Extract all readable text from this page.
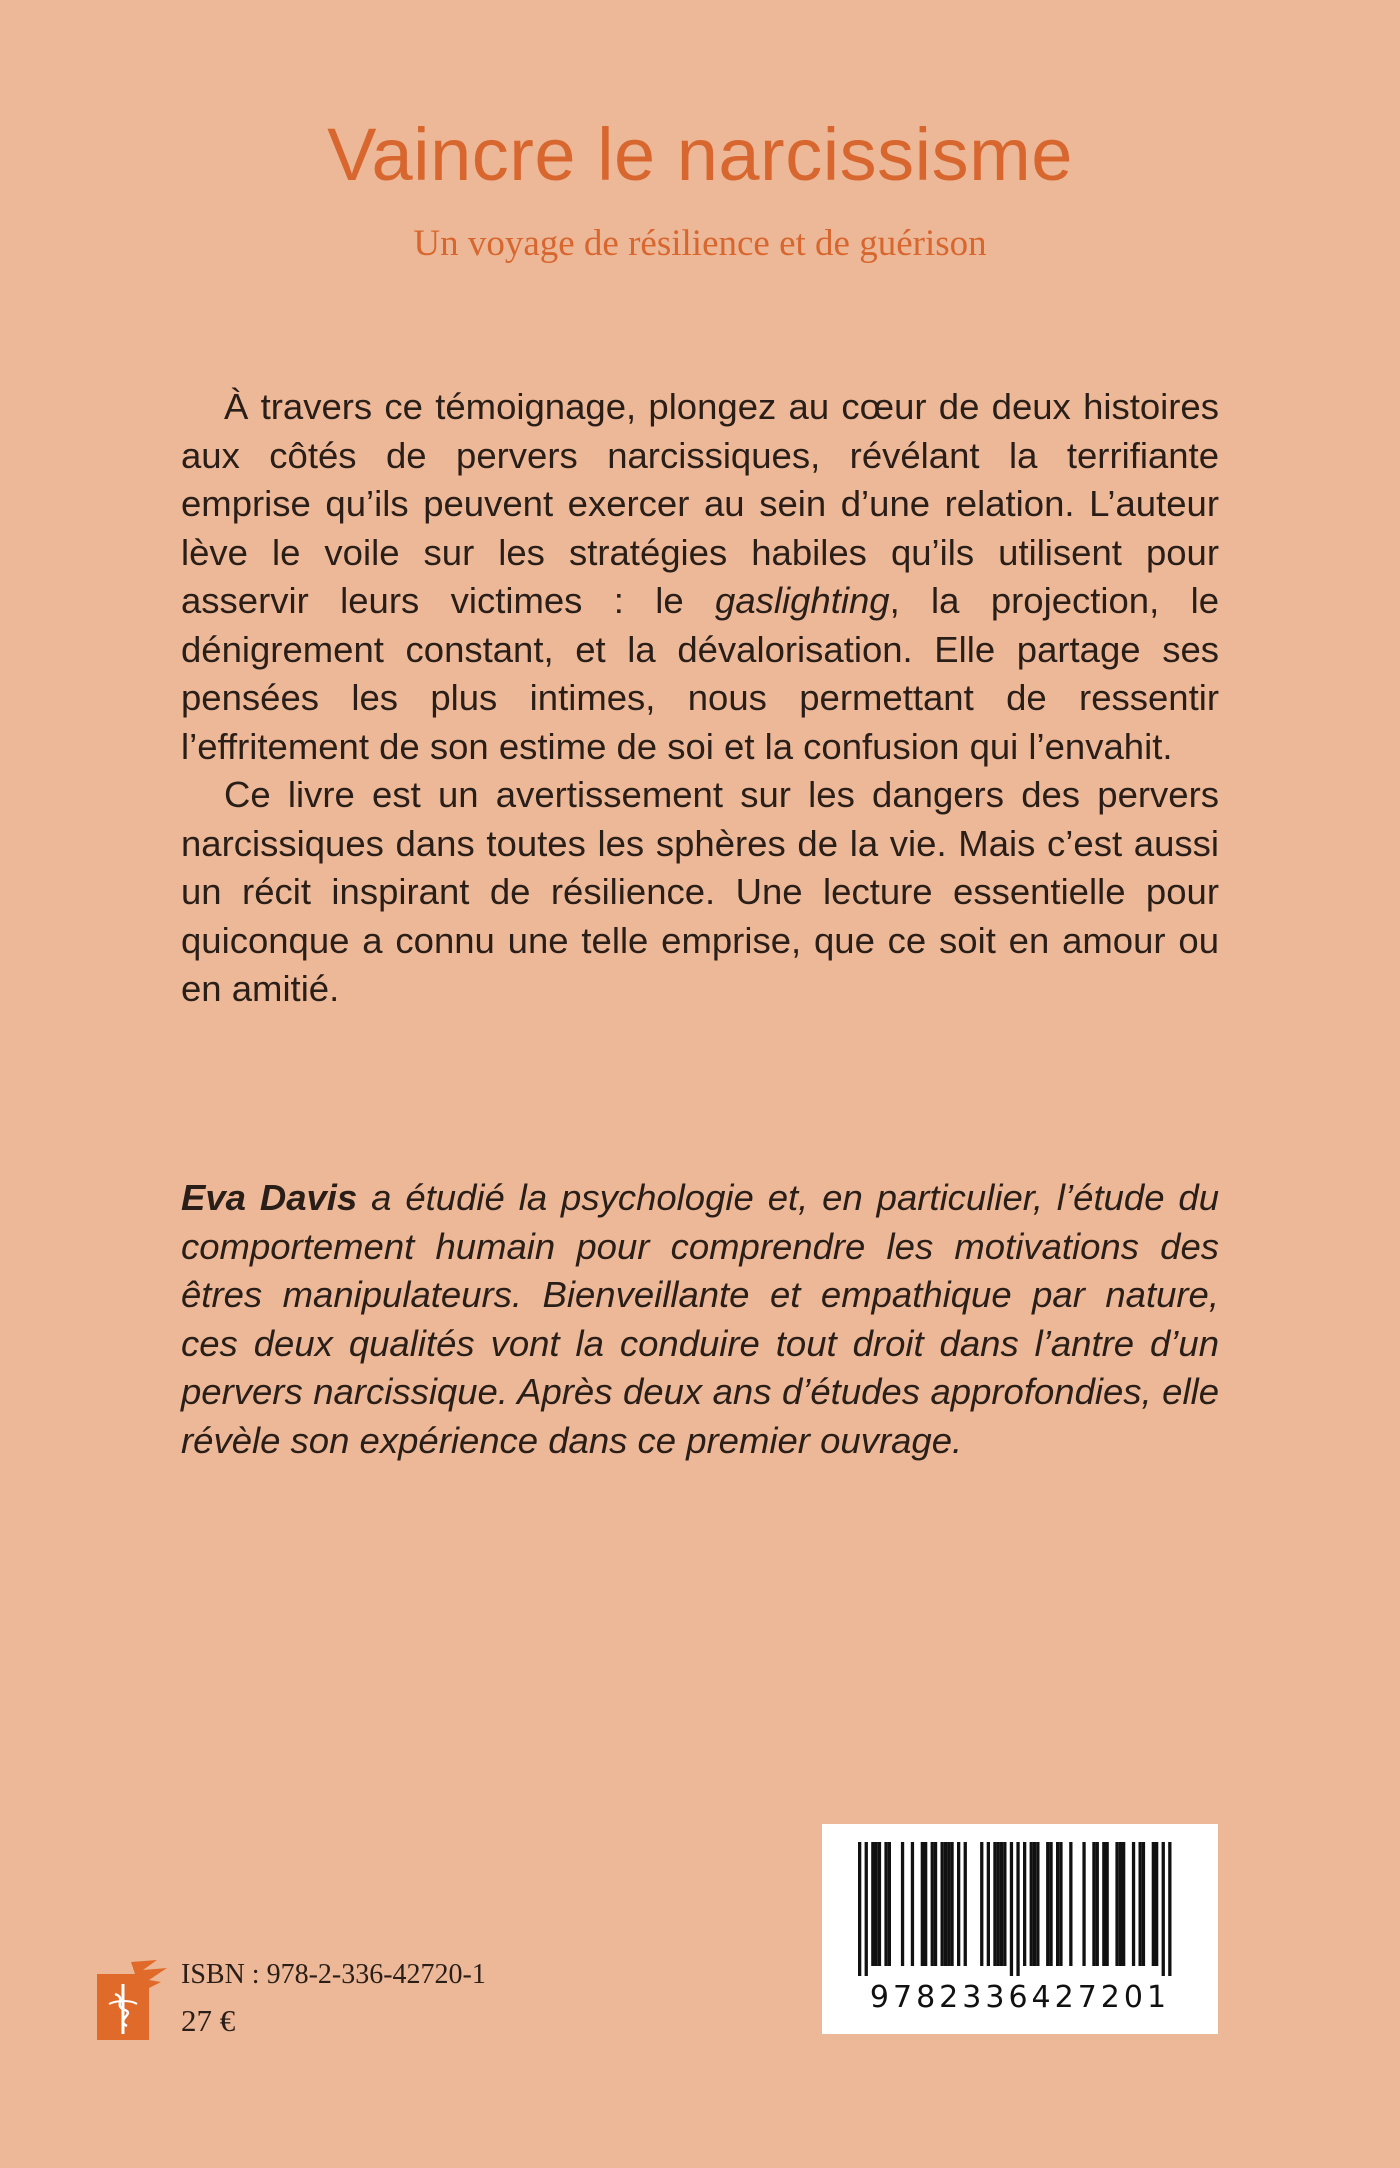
Vaincre le narcissisme
Un voyage de résilience et de guérison

À travers ce témoignage, plongez au cœur de deux histoires aux côtés de pervers narcissiques, révélant la terrifiante emprise qu’ils peuvent exercer au sein d’une relation. L’auteur lève le voile sur les stratégies habiles qu’ils utilisent pour asservir leurs victimes : le gaslighting, la projection, le dénigrement constant, et la dévalorisation. Elle partage ses pensées les plus intimes, nous permettant de ressentir l’effritement de son estime de soi et la confusion qui l’envahit.

Ce livre est un avertissement sur les dangers des pervers narcissiques dans toutes les sphères de la vie. Mais c’est aussi un récit inspirant de résilience. Une lecture essentielle pour quiconque a connu une telle emprise, que ce soit en amour ou en amitié.

Eva Davis a étudié la psychologie et, en particulier, l’étude du comportement humain pour comprendre les motivations des êtres manipulateurs. Bienveillante et empathique par nature, ces deux qualités vont la conduire tout droit dans l’antre d’un pervers narcissique. Après deux ans d’études approfondies, elle révèle son expérience dans ce premier ouvrage.
ISBN : 978-2-336-42720-1
27 €
9782336427201
